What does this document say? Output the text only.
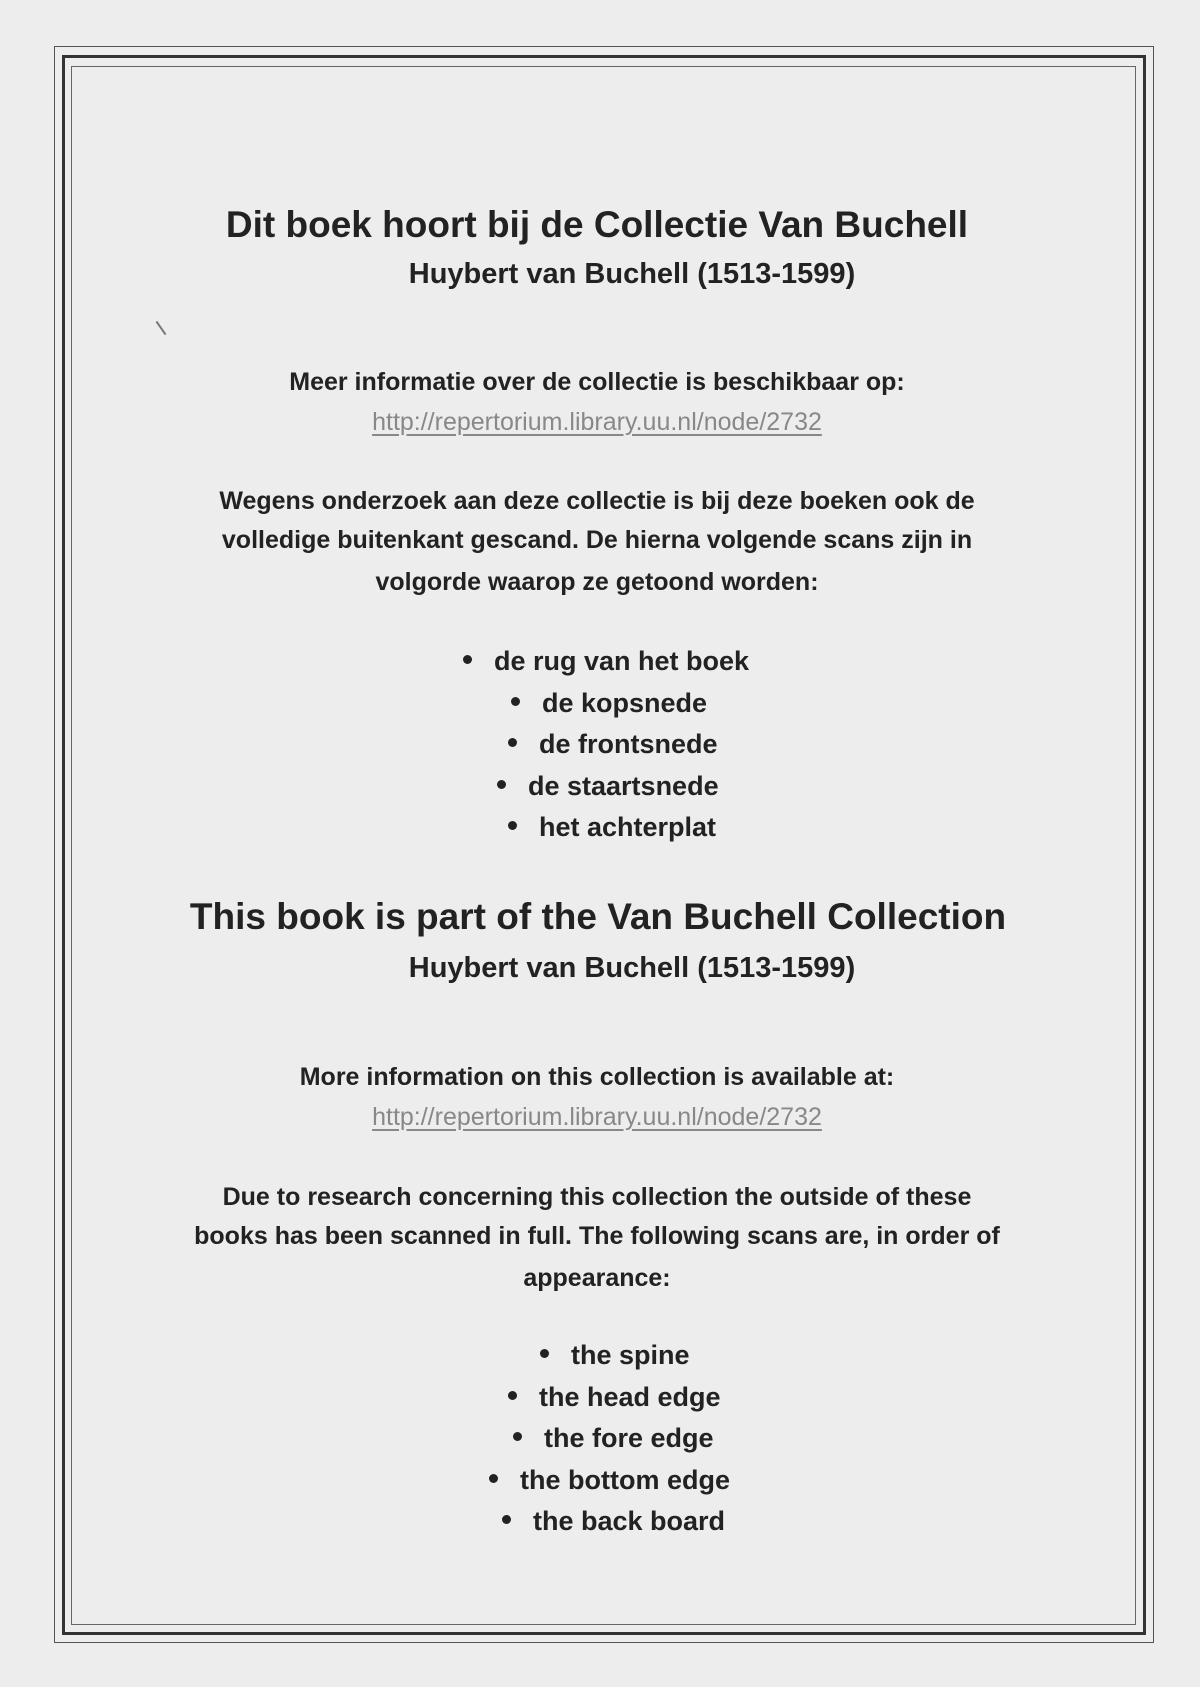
Dit boek hoort bij de Collectie Van Buchell

Huybert van Buchell (1513-1599)

Meer informatie over de collectie is beschikbaar op:

http://repertorium.library.uu.nl/node/2732

Wegens onderzoek aan deze collectie is bij deze boeken ook de

volledige buitenkant gescand. De hierna volgende scans zijn in

volgorde waarop ze getoond worden:

de rug van het boek
de kopsnede
de frontsnede
de staartsnede
het achterplat

This book is part of the Van Buchell Collection

Huybert van Buchell (1513-1599)

More information on this collection is available at:

http://repertorium.library.uu.nl/node/2732

Due to research concerning this collection the outside of these

books has been scanned in full. The following scans are, in order of

appearance:

the spine
the head edge
the fore edge
the bottom edge
the back board
